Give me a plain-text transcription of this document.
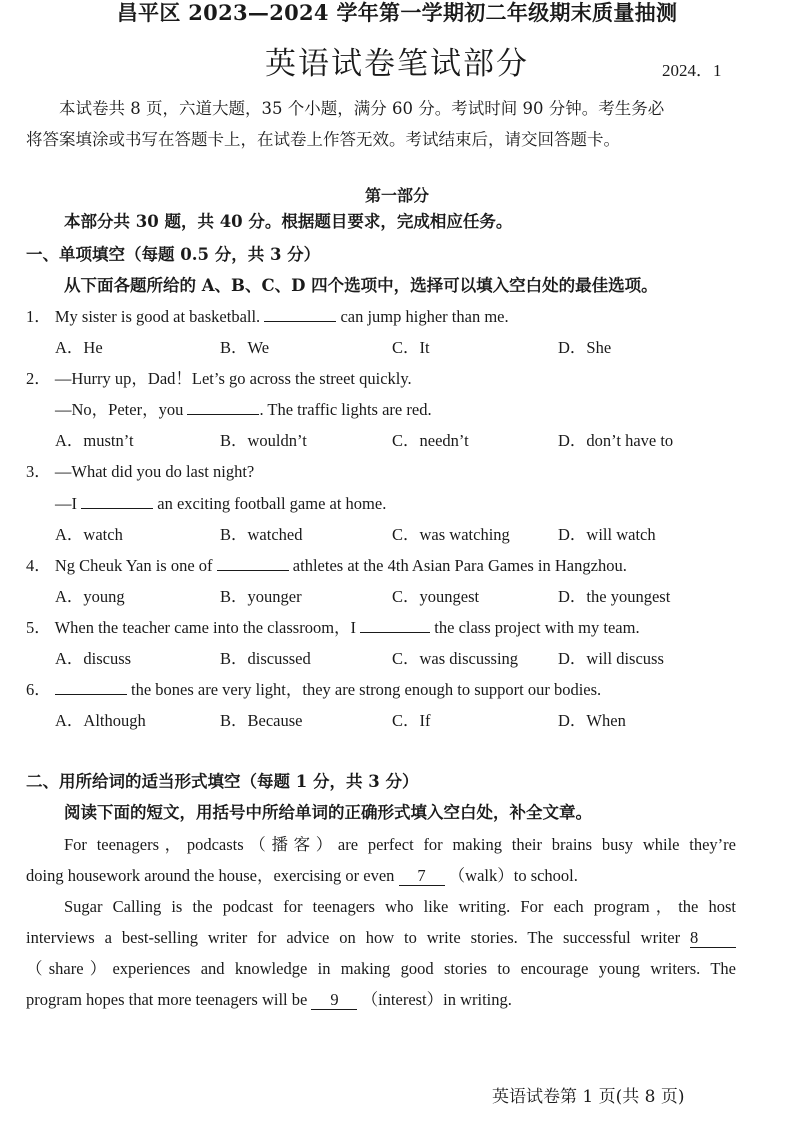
昌平区 2023—2024 学年第一学期初二年级期末质量抽测
英语试卷笔试部分	2024．1

本试卷共 8 页，六道大题，35 个小题，满分 60 分。考试时间 90 分钟。考生务必

将答案填涂或书写在答题卡上，在试卷上作答无效。考试结束后，请交回答题卡。

第一部分
本部分共 30 题，共 40 分。根据题目要求，完成相应任务。
一、单项填空（每题 0.5 分，共 3 分）
从下面各题所给的 A、B、C、D 四个选项中，选择可以填入空白处的最佳选项。
1． My sister is good at basketball.	can jump higher than me.
A．He	B．We	C．It	D．She
2． —Hurry up，Dad！Let’s go across the street quickly.
—No，Peter，you	. The traffic lights are red.
A．mustn’t	B．wouldn’t	C．needn’t	D．don’t have to
3． —What did you do last night?
—I	an exciting football game at home.
A．watch	B．watched	C．was watching	D．will watch
4． Ng Cheuk Yan is one of	athletes at the 4th Asian Para Games in Hangzhou.
A．young	B．younger	C．youngest	D．the youngest
5． When the teacher came into the classroom，I	the class project with my team.
A．discuss	B．discussed	C．was discussing D．will discuss
6．	the bones are very light，they are strong enough to support our bodies.
A．Although	B．Because	C．If	D．When
二、用所给词的适当形式填空（每题 1 分，共 3 分）
阅读下面的短文，用括号中所给单词的正确形式填入空白处，补全文章。

For teenagers，podcasts（播客）are perfect for making their brains busy while they’re

doing housework around the house，exercising or even 7 （walk）to school.

Sugar Calling is the podcast for teenagers who like writing. For each program，the host

interviews a best-selling writer for advice on how to write stories. The successful writer 8

（share）experiences and knowledge in making good stories to encourage young writers. The

program hopes that more teenagers will be 9 （interest）in writing.

英语试卷第 1 页(共 8 页)
